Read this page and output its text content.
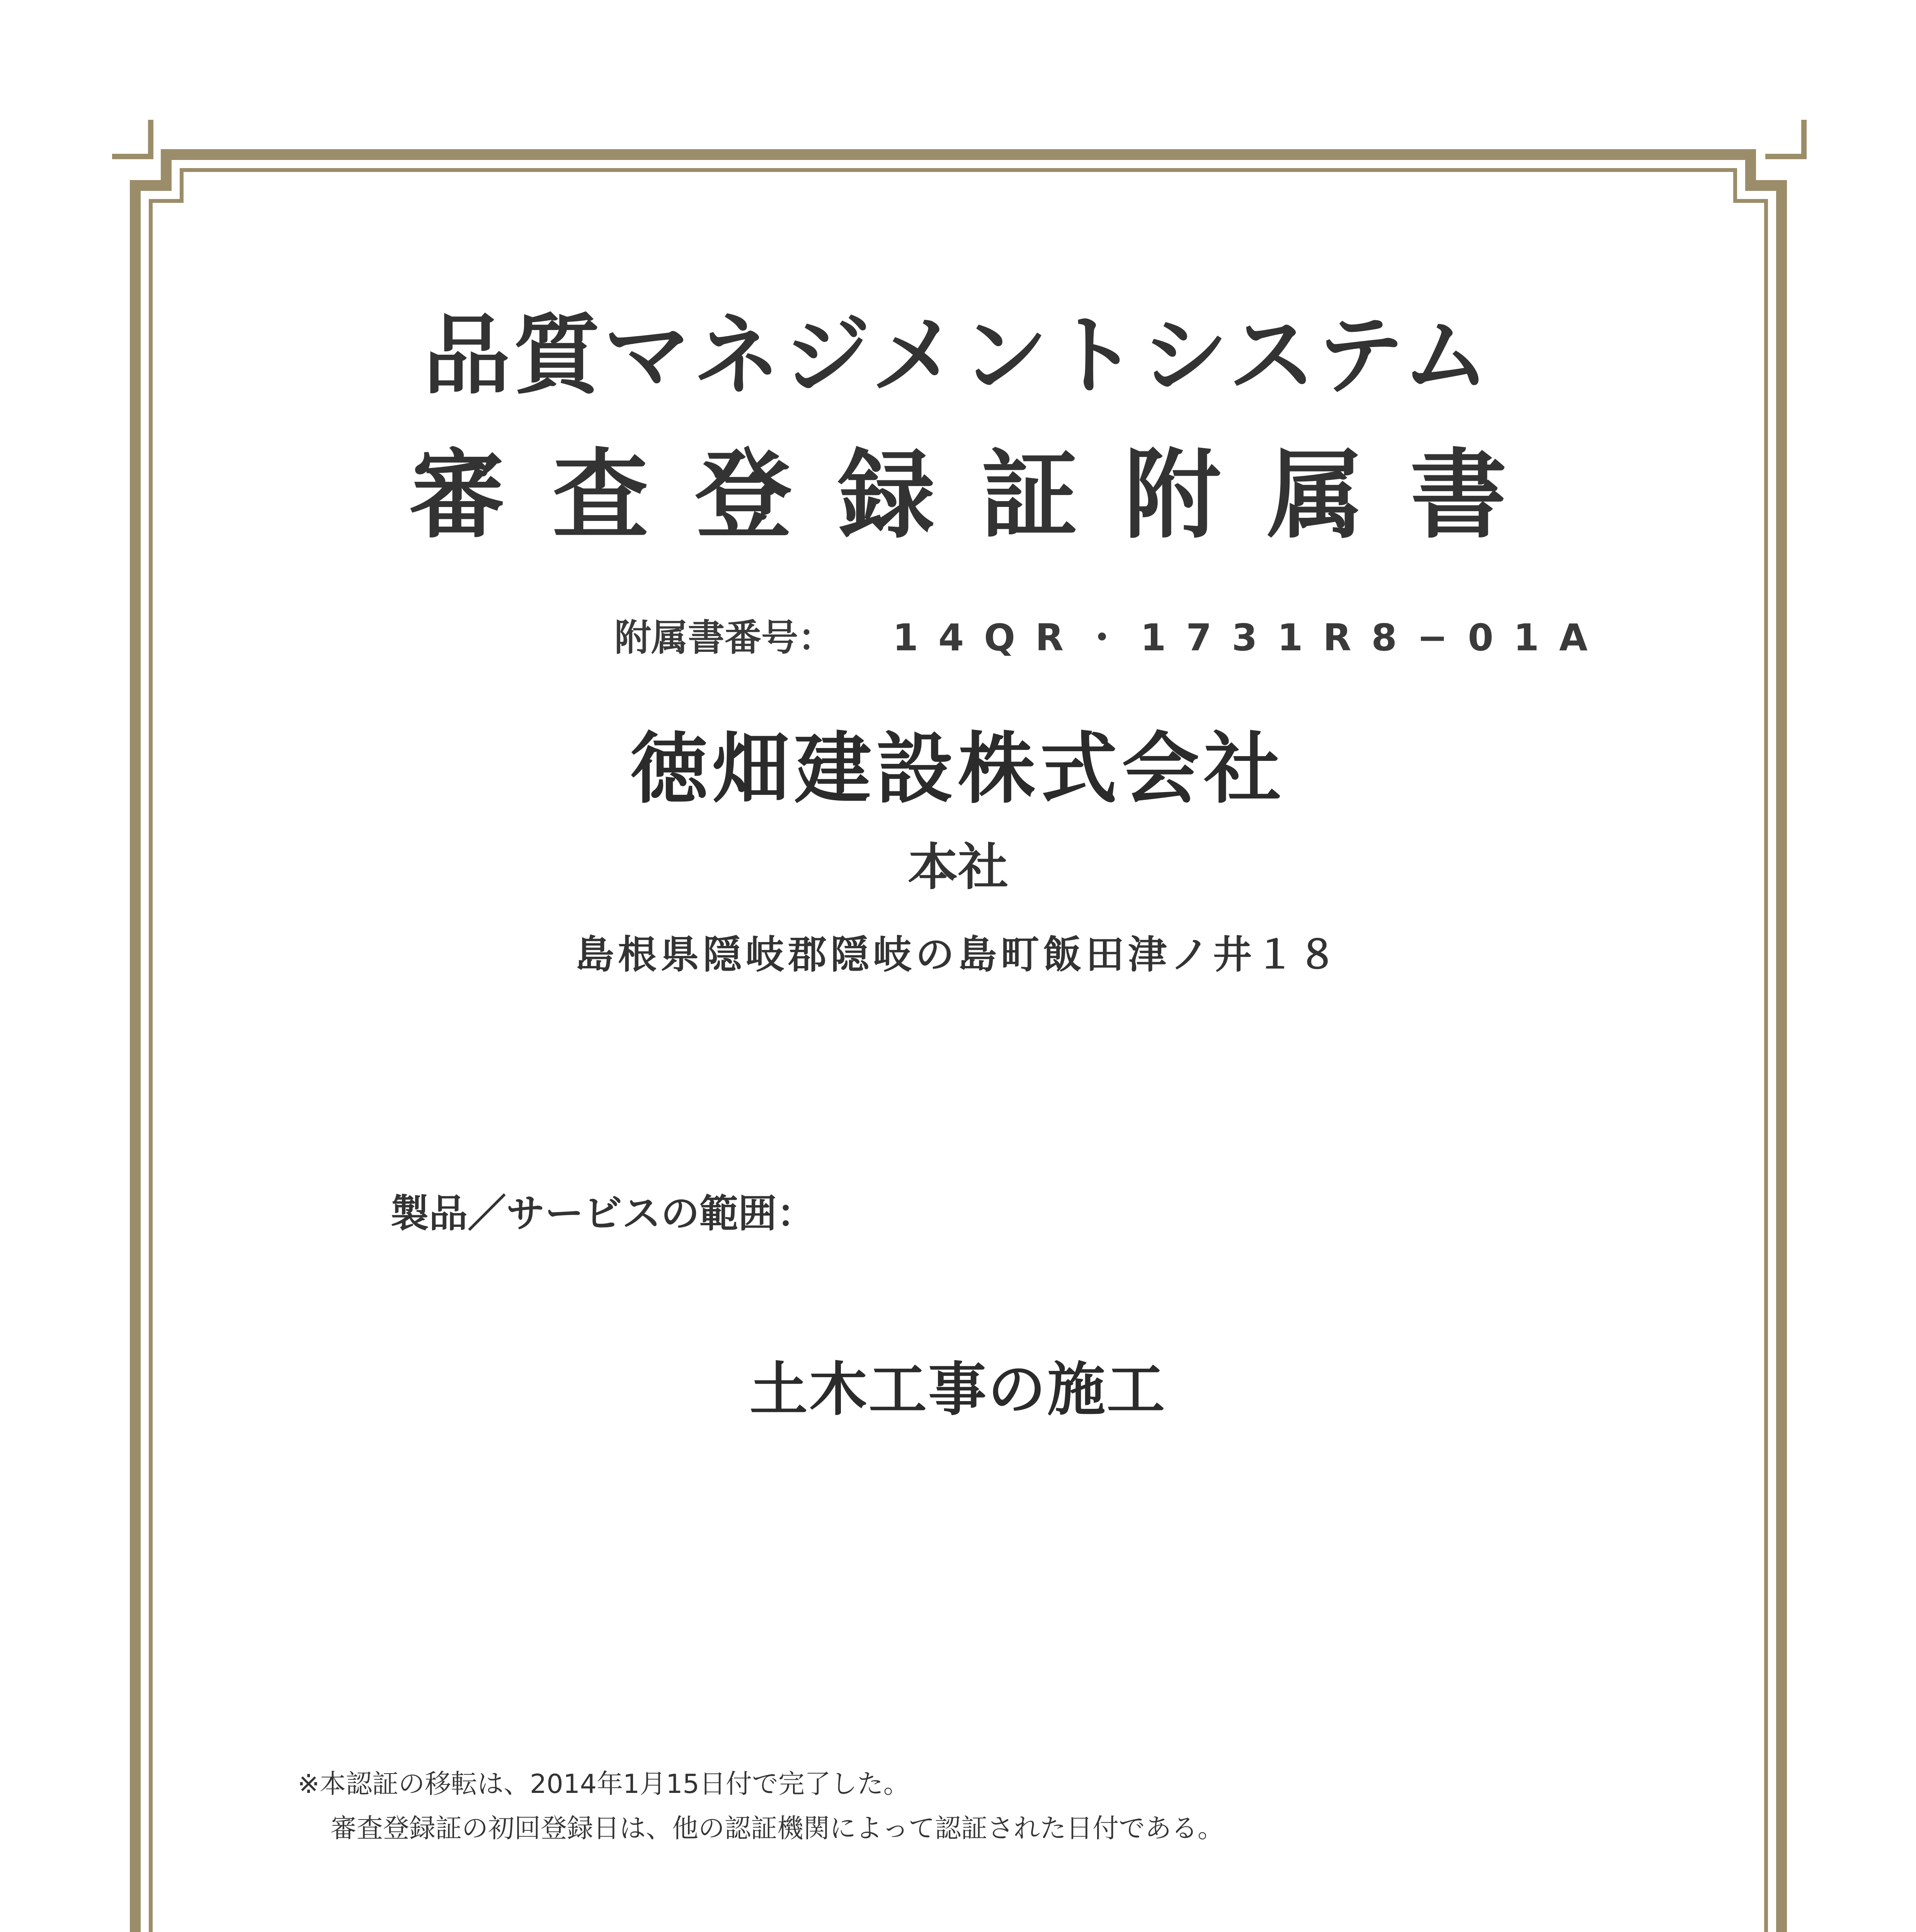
品質マネジメントシステム
審査登録証附属書
附属書番号： 14QR・1731R8−01A
徳畑建設株式会社
本社
島根県隠岐郡隠岐の島町飯田津ノ井１８
製品／サービスの範囲：
土木工事の施工
※本認証の移転は、2014年1月15日付で完了した。
審査登録証の初回登録日は、他の認証機関によって認証された日付である。
